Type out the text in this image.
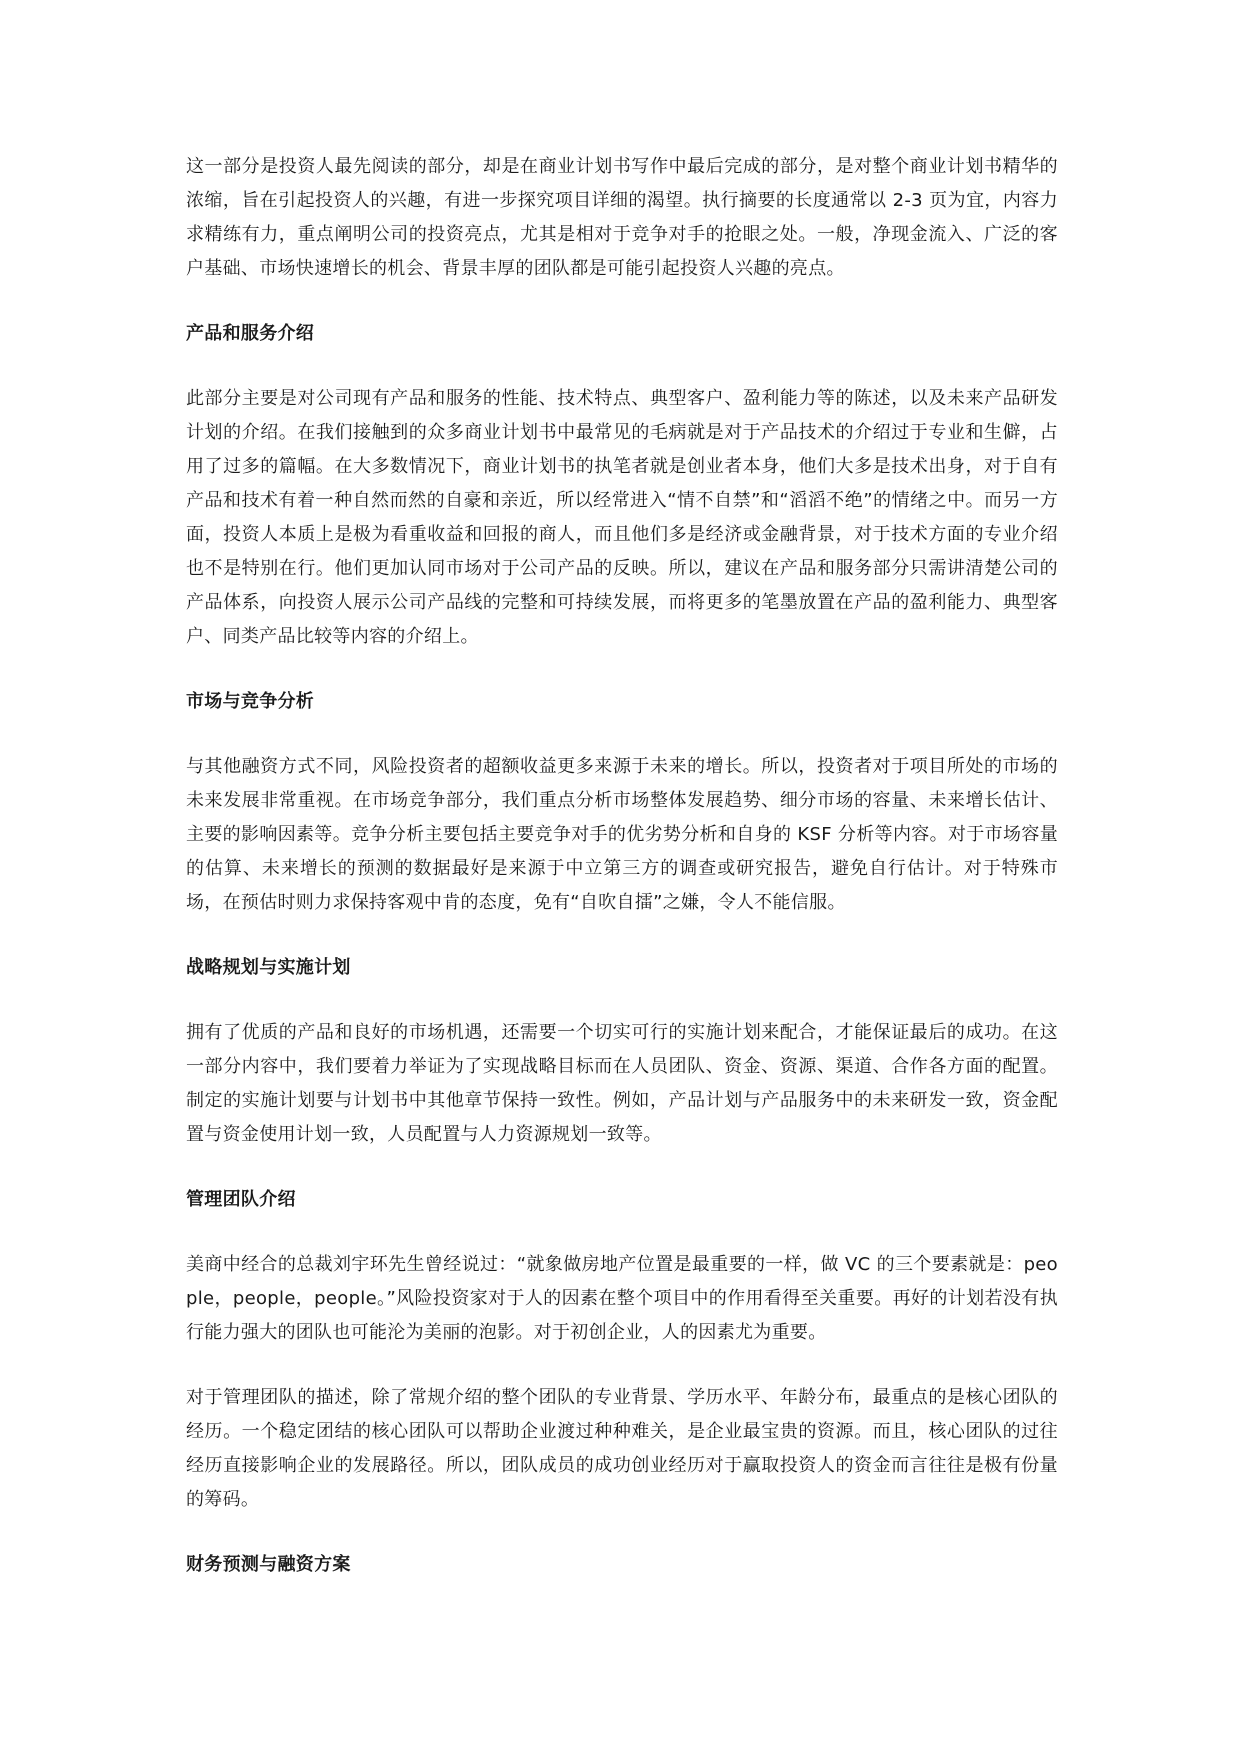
这一部分是投资人最先阅读的部分，却是在商业计划书写作中最后完成的部分，是对整个商业计划书精华的浓缩，旨在引起投资人的兴趣，有进一步探究项目详细的渴望。执行摘要的长度通常以 2-3 页为宜，内容力求精练有力，重点阐明公司的投资亮点，尤其是相对于竞争对手的抢眼之处。一般，净现金流入、广泛的客户基础、市场快速增长的机会、背景丰厚的团队都是可能引起投资人兴趣的亮点。

产品和服务介绍

此部分主要是对公司现有产品和服务的性能、技术特点、典型客户、盈利能力等的陈述，以及未来产品研发计划的介绍。在我们接触到的众多商业计划书中最常见的毛病就是对于产品技术的介绍过于专业和生僻，占用了过多的篇幅。在大多数情况下，商业计划书的执笔者就是创业者本身，他们大多是技术出身，对于自有产品和技术有着一种自然而然的自豪和亲近，所以经常进入“情不自禁”和“滔滔不绝”的情绪之中。而另一方面，投资人本质上是极为看重收益和回报的商人，而且他们多是经济或金融背景，对于技术方面的专业介绍也不是特别在行。他们更加认同市场对于公司产品的反映。所以，建议在产品和服务部分只需讲清楚公司的产品体系，向投资人展示公司产品线的完整和可持续发展，而将更多的笔墨放置在产品的盈利能力、典型客户、同类产品比较等内容的介绍上。

市场与竞争分析

与其他融资方式不同，风险投资者的超额收益更多来源于未来的增长。所以，投资者对于项目所处的市场的未来发展非常重视。在市场竞争部分，我们重点分析市场整体发展趋势、细分市场的容量、未来增长估计、主要的影响因素等。竞争分析主要包括主要竞争对手的优劣势分析和自身的 KSF 分析等内容。对于市场容量的估算、未来增长的预测的数据最好是来源于中立第三方的调查或研究报告，避免自行估计。对于特殊市场，在预估时则力求保持客观中肯的态度，免有“自吹自擂”之嫌，令人不能信服。

战略规划与实施计划

拥有了优质的产品和良好的市场机遇，还需要一个切实可行的实施计划来配合，才能保证最后的成功。在这一部分内容中，我们要着力举证为了实现战略目标而在人员团队、资金、资源、渠道、合作各方面的配置。制定的实施计划要与计划书中其他章节保持一致性。例如，产品计划与产品服务中的未来研发一致，资金配置与资金使用计划一致，人员配置与人力资源规划一致等。

管理团队介绍

美商中经合的总裁刘宇环先生曾经说过：“就象做房地产位置是最重要的一样，做 VC 的三个要素就是：people，people，people。”风险投资家对于人的因素在整个项目中的作用看得至关重要。再好的计划若没有执行能力强大的团队也可能沦为美丽的泡影。对于初创企业，人的因素尤为重要。

对于管理团队的描述，除了常规介绍的整个团队的专业背景、学历水平、年龄分布，最重点的是核心团队的经历。一个稳定团结的核心团队可以帮助企业渡过种种难关，是企业最宝贵的资源。而且，核心团队的过往经历直接影响企业的发展路径。所以，团队成员的成功创业经历对于赢取投资人的资金而言往往是极有份量的筹码。

财务预测与融资方案
